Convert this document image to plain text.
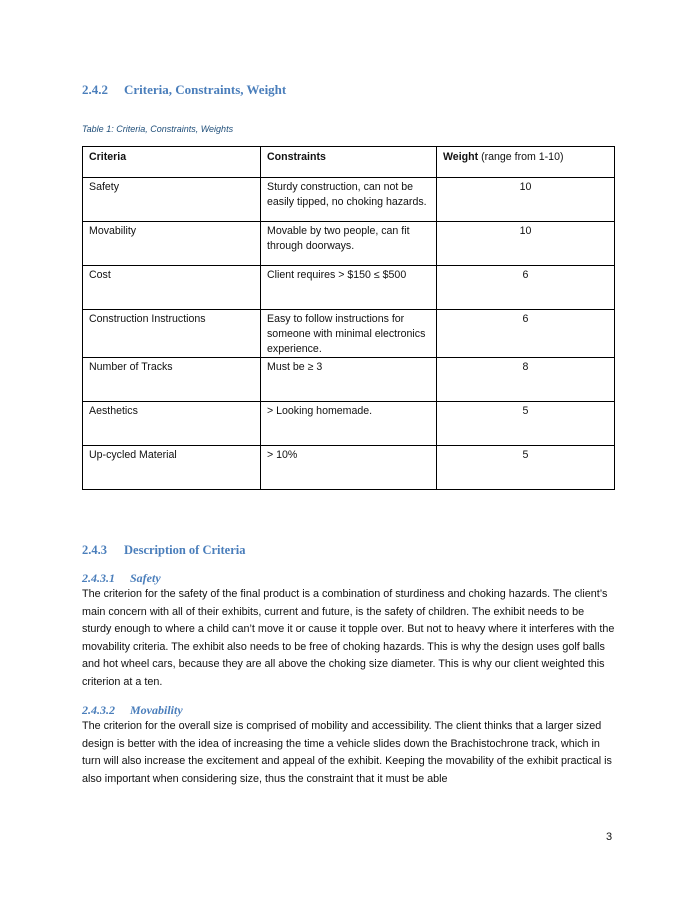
2.4.2 Criteria, Constraints, Weight
Table 1: Criteria, Constraints, Weights
Criteria	Constraints	Weight (range from 1-10)
Safety	Sturdy construction, can not be easily tipped, no choking hazards.	10
Movability	Movable by two people, can fit through doorways.	10
Cost	Client requires > $150 ≤ $500	6
Construction Instructions	Easy to follow instructions for someone with minimal electronics experience.	6
Number of Tracks	Must be ≥ 3	8
Aesthetics	> Looking homemade.	5
Up-cycled Material	> 10%	5
2.4.3 Description of Criteria
2.4.3.1 Safety
The criterion for the safety of the final product is a combination of sturdiness and choking hazards. The client’s main concern with all of their exhibits, current and future, is the safety of children. The exhibit needs to be sturdy enough to where a child can’t move it or cause it topple over. But not to heavy where it interferes with the movability criteria. The exhibit also needs to be free of choking hazards. This is why the design uses golf balls and hot wheel cars, because they are all above the choking size diameter. This is why our client weighted this criterion at a ten.
2.4.3.2 Movability
The criterion for the overall size is comprised of mobility and accessibility. The client thinks that a larger sized design is better with the idea of increasing the time a vehicle slides down the Brachistochrone track, which in turn will also increase the excitement and appeal of the exhibit. Keeping the movability of the exhibit practical is also important when considering size, thus the constraint that it must be able
3
